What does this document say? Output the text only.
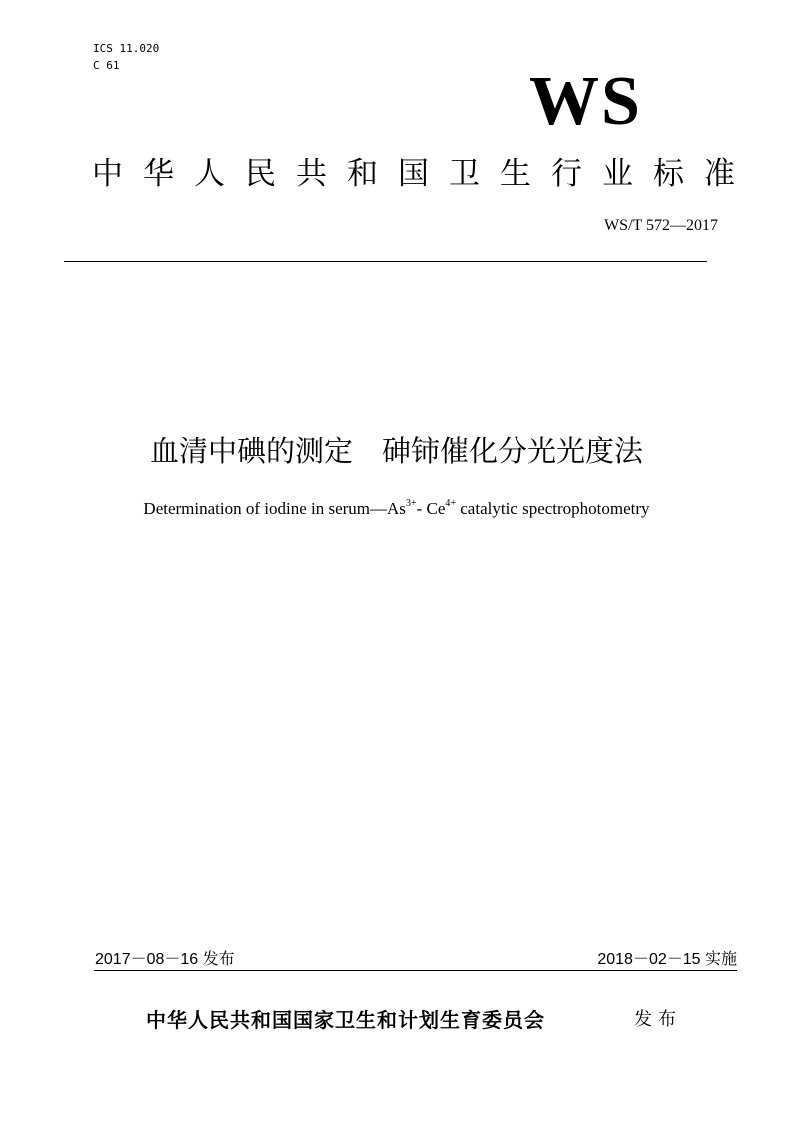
ICS 11.020
C 61	WS
中华人民共和国卫生行业标准
WS/T 572—2017
血清中碘的测定　砷铈催化分光光度法
Determination of iodine in $serum—As^{3+}-$ $Ce^{4+}$ catalytic spectrophotometry
2017－08－16 发布	2018－02－15 实施
中华人民共和国国家卫生和计划生育委员会	发布
